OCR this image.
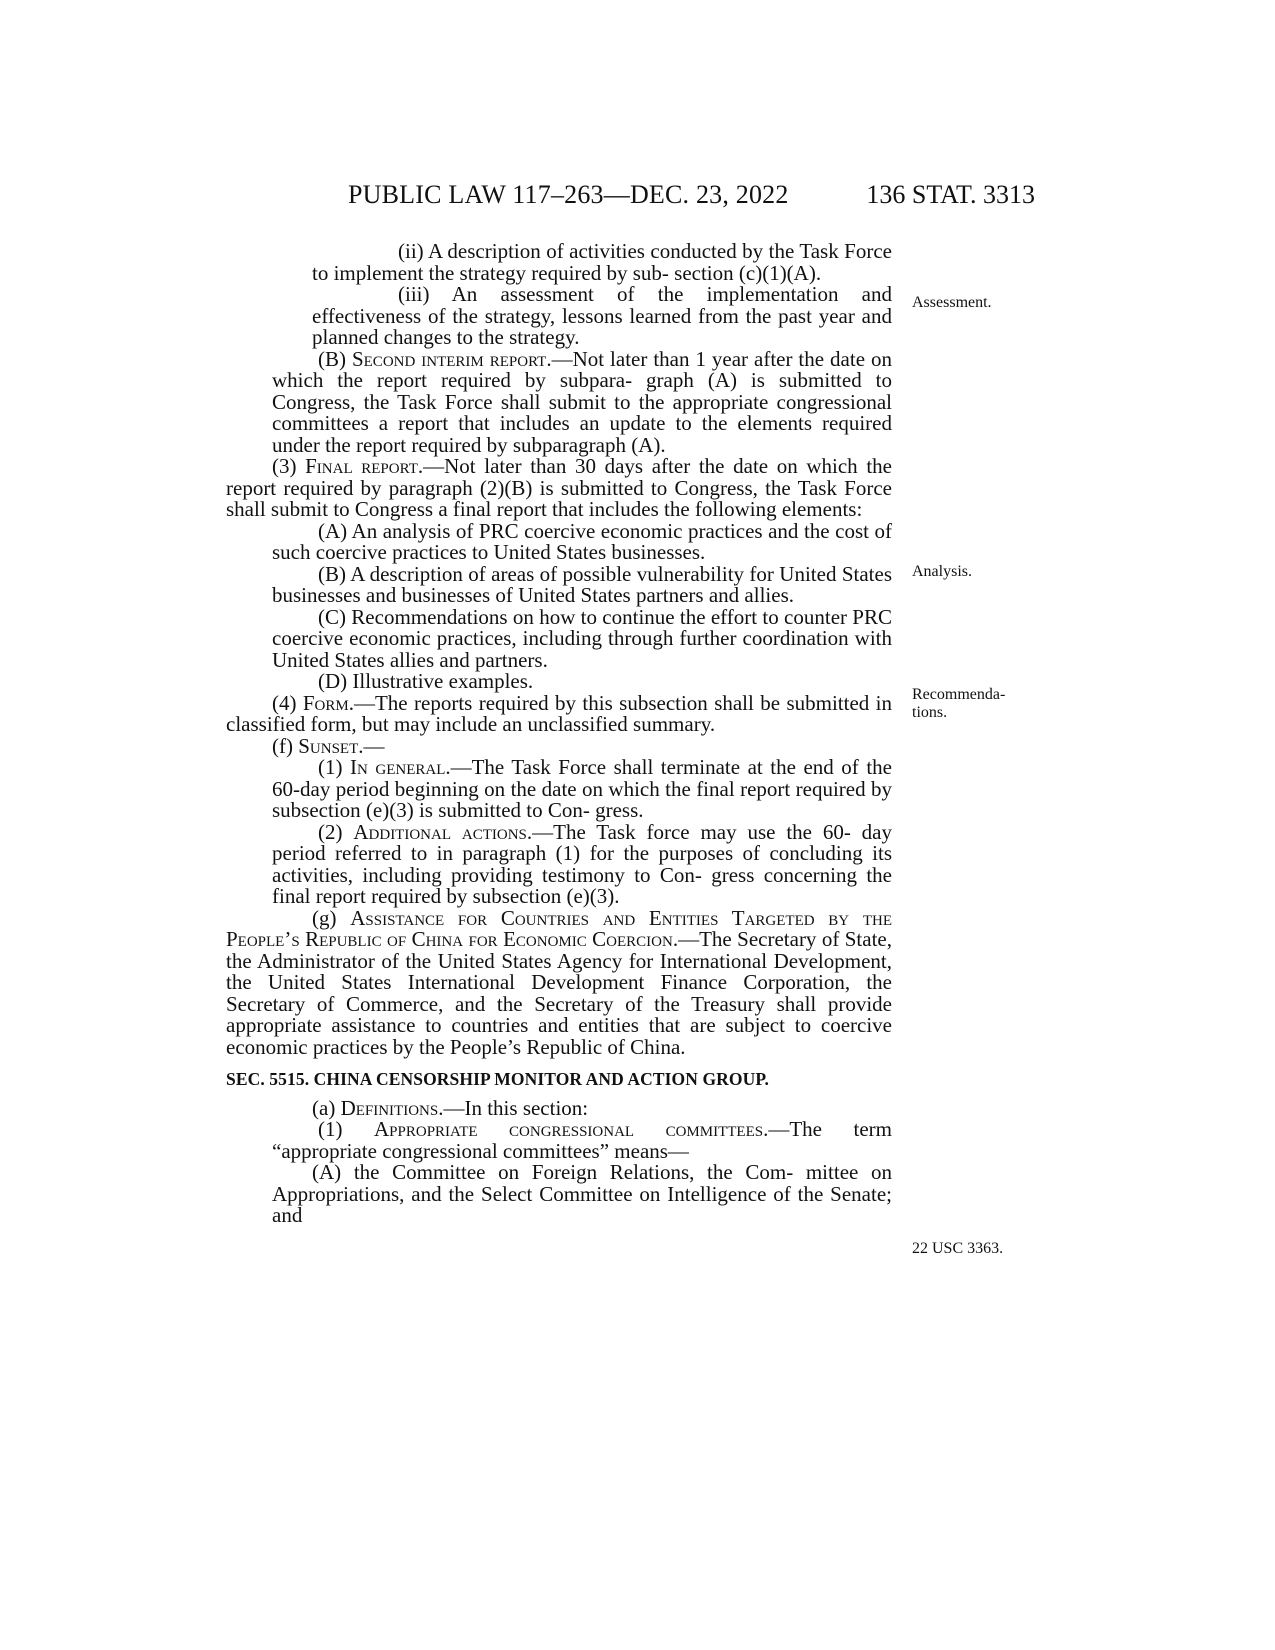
PUBLIC LAW 117–263—DEC. 23, 2022	136 STAT. 3313

(ii) A description of activities conducted by the Task Force to implement the strategy required by sub- section (c)(1)(A).

(iii) An assessment of the implementation and effectiveness of the strategy, lessons learned from the past year and planned changes to the strategy.

(B) Second interim report.—Not later than 1 year after the date on which the report required by subpara- graph (A) is submitted to Congress, the Task Force shall submit to the appropriate congressional committees a report that includes an update to the elements required under the report required by subparagraph (A).

(3) Final report.—Not later than 30 days after the date on which the report required by paragraph (2)(B) is submitted to Congress, the Task Force shall submit to Congress a final report that includes the following elements:

(A) An analysis of PRC coercive economic practices and the cost of such coercive practices to United States businesses.

(B) A description of areas of possible vulnerability for United States businesses and businesses of United States partners and allies.

(C) Recommendations on how to continue the effort to counter PRC coercive economic practices, including through further coordination with United States allies and partners.

(D) Illustrative examples.

(4) Form.—The reports required by this subsection shall be submitted in classified form, but may include an unclassified summary.

(f) Sunset.—

(1) In general.—The Task Force shall terminate at the end of the 60-day period beginning on the date on which the final report required by subsection (e)(3) is submitted to Con- gress.

(2) Additional actions.—The Task force may use the 60- day period referred to in paragraph (1) for the purposes of concluding its activities, including providing testimony to Con- gress concerning the final report required by subsection (e)(3).

(g) Assistance for Countries and Entities Targeted by the People’s Republic of China for Economic Coercion.—The Secretary of State, the Administrator of the United States Agency for International Development, the United States International Development Finance Corporation, the Secretary of Commerce, and the Secretary of the Treasury shall provide appropriate assistance to countries and entities that are subject to coercive economic practices by the People’s Republic of China.

SEC. 5515. CHINA CENSORSHIP MONITOR AND ACTION GROUP.

(a) Definitions.—In this section:

(1) Appropriate congressional committees.—The term “appropriate congressional committees” means—

(A) the Committee on Foreign Relations, the Com- mittee on Appropriations, and the Select Committee on Intelligence of the Senate; and

Assessment.
Analysis.
Recommenda-
tions.
22 USC 3363.
